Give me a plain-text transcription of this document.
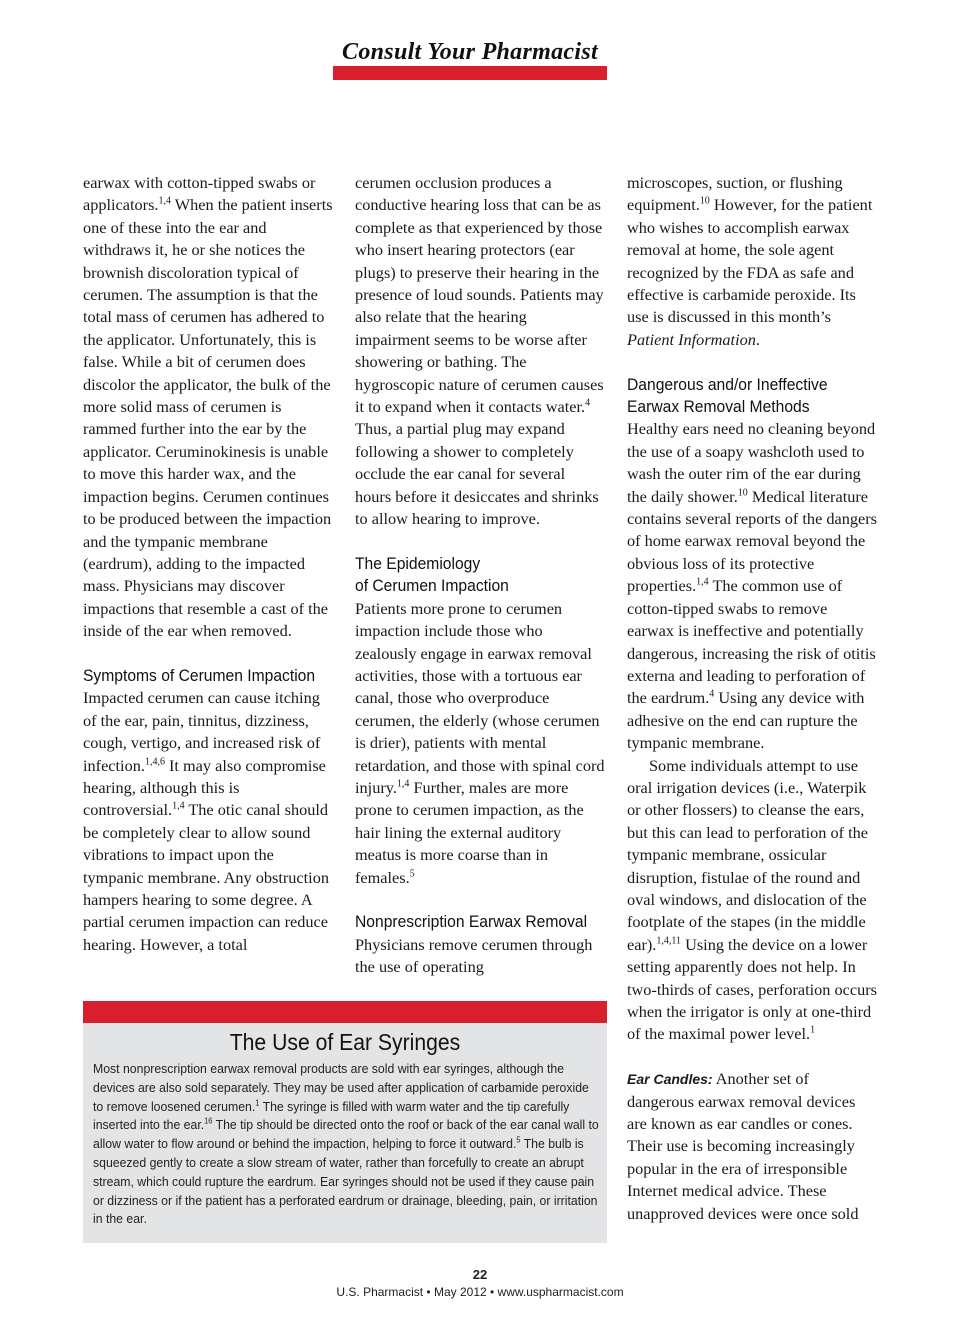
Consult Your Pharmacist

earwax with cotton-tipped swabs or applicators.$^{1,4}$ When the patient inserts one of these into the ear and withdraws it, he or she notices the brownish discoloration typical of cerumen. The assumption is that the total mass of cerumen has adhered to the applicator. Unfortunately, this is false. While a bit of cerumen does discolor the applicator, the bulk of the more solid mass of cerumen is rammed further into the ear by the applicator. Ceruminokinesis is unable to move this harder wax, and the impaction begins. Cerumen continues to be produced between the impaction and the tympanic membrane (eardrum), adding to the impacted mass. Physicians may discover impactions that resemble a cast of the inside of the ear when removed.

Symptoms of Cerumen Impaction

Impacted cerumen can cause itching of the ear, pain, tinnitus, dizziness, cough, vertigo, and increased risk of infection.$^{1,4,6}$ It may also compromise hearing, although this is controversial.$^{1,4}$ The otic canal should be completely clear to allow sound vibrations to impact upon the tympanic membrane. Any obstruction hampers hearing to some degree. A partial cerumen impaction can reduce hearing. However, a total

cerumen occlusion produces a conductive hearing loss that can be as complete as that experienced by those who insert hearing protectors (ear plugs) to preserve their hearing in the presence of loud sounds. Patients may also relate that the hearing impairment seems to be worse after showering or bathing. The hygroscopic nature of cerumen causes it to expand when it contacts water.$^4$ Thus, a partial plug may expand following a shower to completely occlude the ear canal for several hours before it desiccates and shrinks to allow hearing to improve.

The Epidemiology
of Cerumen Impaction

Patients more prone to cerumen impaction include those who zealously engage in earwax removal activities, those with a tortuous ear canal, those who overproduce cerumen, the elderly (whose cerumen is drier), patients with mental retardation, and those with spinal cord injury.$^{1,4}$ Further, males are more prone to cerumen impaction, as the hair lining the external auditory meatus is more coarse than in females.$^5$

Nonprescription Earwax Removal

Physicians remove cerumen through the use of operating

microscopes, suction, or flushing equipment.$^{10}$ However, for the patient who wishes to accomplish earwax removal at home, the sole agent recognized by the FDA as safe and effective is carbamide peroxide. Its use is discussed in this month’s Patient Information.

Dangerous and/or Ineffective
Earwax Removal Methods

Healthy ears need no cleaning beyond the use of a soapy washcloth used to wash the outer rim of the ear during the daily shower.$^{10}$ Medical literature contains several reports of the dangers of home earwax removal beyond the obvious loss of its protective properties.$^{1,4}$ The common use of cotton-tipped swabs to remove earwax is ineffective and potentially dangerous, increasing the risk of otitis externa and leading to perforation of the eardrum.$^4$ Using any device with adhesive on the end can rupture the tympanic membrane.

Some individuals attempt to use oral irrigation devices (i.e., Waterpik or other flossers) to cleanse the ears, but this can lead to perforation of the tympanic membrane, ossicular disruption, fistulae of the round and oval windows, and dislocation of the footplate of the stapes (in the middle ear).$^{1,4,11}$ Using the device on a lower setting apparently does not help. In two-thirds of cases, perforation occurs when the irrigator is only at one-third of the maximal power level.$^1$

Ear Candles: Another set of dangerous earwax removal devices are known as ear candles or cones. Their use is becoming increasingly popular in the era of irresponsible Internet medical advice. These unapproved devices were once sold

The Use of Ear Syringes
Most nonprescription earwax removal products are sold with ear syringes, although the devices are also sold separately. They may be used after application of carbamide peroxide to remove loosened cerumen.$^1$ The syringe is filled with warm water and the tip carefully inserted into the ear.$^{16}$ The tip should be directed onto the roof or back of the ear canal wall to allow water to flow around or behind the impaction, helping to force it outward.$^5$ The bulb is squeezed gently to create a slow stream of water, rather than forcefully to create an abrupt stream, which could rupture the eardrum. Ear syringes should not be used if they cause pain or dizziness or if the patient has a perforated eardrum or drainage, bleeding, pain, or irritation in the ear.
22
U.S. Pharmacist • May 2012 • www.uspharmacist.com
